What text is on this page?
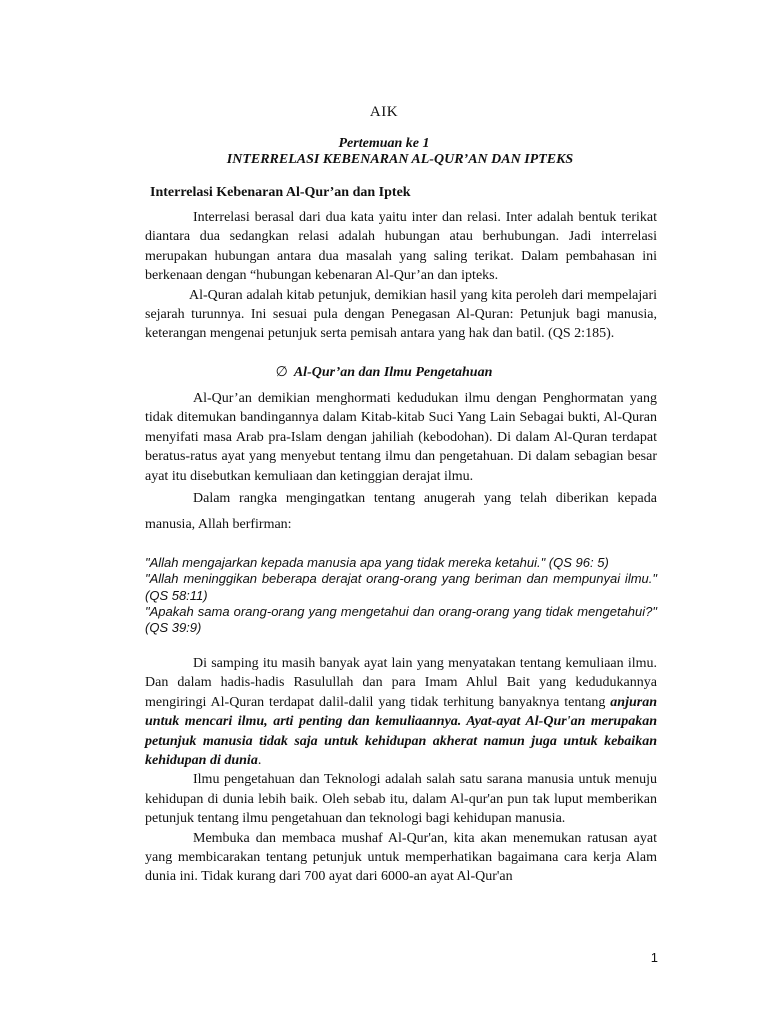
AIK
Pertemuan ke 1
INTERRELASI KEBENARAN AL-QUR’AN DAN IPTEKS
Interrelasi Kebenaran Al-Qur’an dan Iptek

Interrelasi berasal dari dua kata yaitu inter dan relasi. Inter adalah bentuk terikat diantara dua sedangkan relasi adalah hubungan atau berhubungan. Jadi interrelasi merupakan hubungan antara dua masalah yang saling terikat. Dalam pembahasan ini berkenaan dengan “hubungan kebenaran Al-Qur’an dan ipteks.

Al-Quran adalah kitab petunjuk, demikian hasil yang kita peroleh dari mempelajari sejarah turunnya. Ini sesuai pula dengan Penegasan Al-Quran: Petunjuk bagi manusia, keterangan mengenai petunjuk serta pemisah antara yang hak dan batil. (QS 2:185).

∅ Al-Qur’an dan Ilmu Pengetahuan

Al-Qur’an demikian menghormati kedudukan ilmu dengan Penghormatan yang tidak ditemukan bandingannya dalam Kitab-kitab Suci Yang Lain Sebagai bukti, Al-Quran menyifati masa Arab pra-Islam dengan jahiliah (kebodohan). Di dalam Al-Quran terdapat beratus-ratus ayat yang menyebut tentang ilmu dan pengetahuan. Di dalam sebagian besar ayat itu disebutkan kemuliaan dan ketinggian derajat ilmu.

Dalam rangka mengingatkan tentang anugerah yang telah diberikan kepada manusia, Allah berfirman:

"Allah mengajarkan kepada manusia apa yang tidak mereka ketahui." (QS 96: 5)

"Allah meninggikan beberapa derajat orang-orang yang beriman dan mempunyai ilmu." (QS 58:11)

"Apakah sama orang-orang yang mengetahui dan orang-orang yang tidak mengetahui?" (QS 39:9)

Di samping itu masih banyak ayat lain yang menyatakan tentang kemuliaan ilmu. Dan dalam hadis-hadis Rasulullah dan para Imam Ahlul Bait yang kedudukannya mengiringi Al-Quran terdapat dalil-dalil yang tidak terhitung banyaknya tentang anjuran untuk mencari ilmu, arti penting dan kemuliaannya. Ayat-ayat Al-Qur'an merupakan petunjuk manusia tidak saja untuk kehidupan akherat namun juga untuk kebaikan kehidupan di dunia.

Ilmu pengetahuan dan Teknologi adalah salah satu sarana manusia untuk menuju kehidupan di dunia lebih baik. Oleh sebab itu, dalam Al-qur'an pun tak luput memberikan petunjuk tentang ilmu pengetahuan dan teknologi bagi kehidupan manusia.

Membuka dan membaca mushaf Al-Qur'an, kita akan menemukan ratusan ayat yang membicarakan tentang petunjuk untuk memperhatikan bagaimana cara kerja Alam dunia ini. Tidak kurang dari 700 ayat dari 6000-an ayat Al-Qur'an

1
